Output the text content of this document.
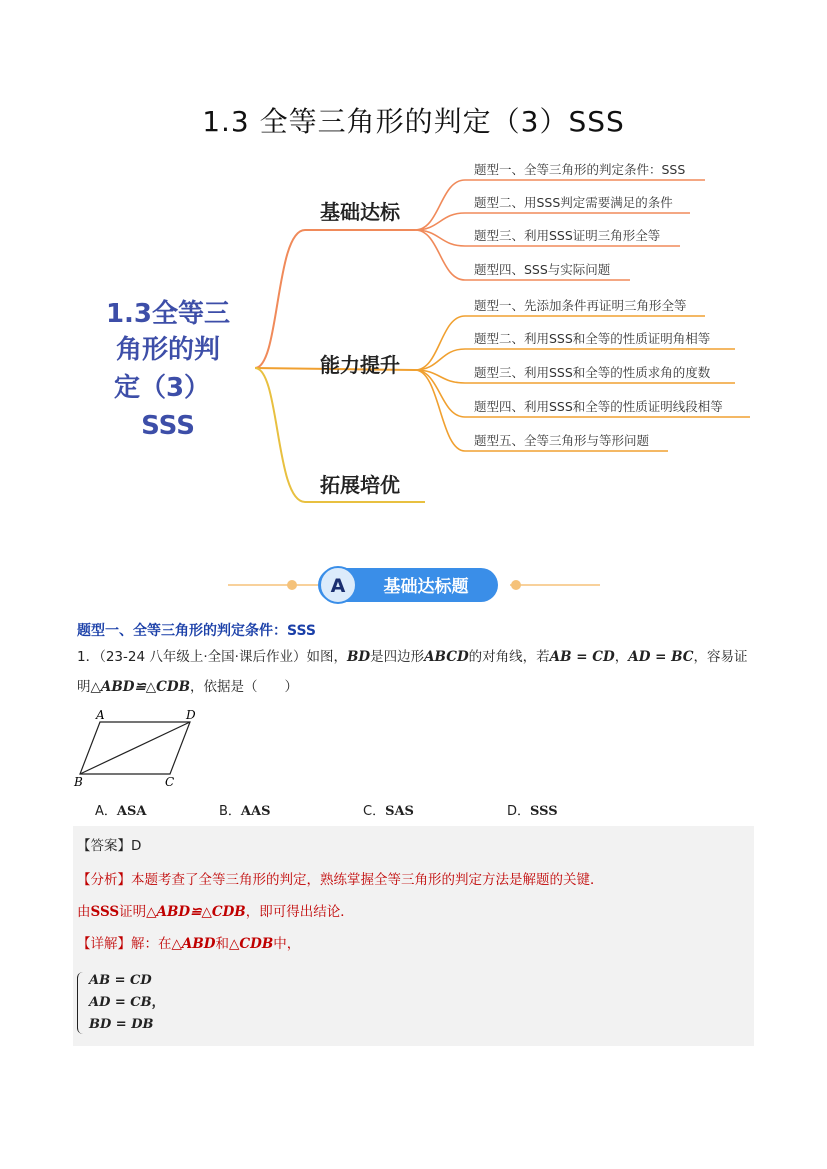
1.3 全等三角形的判定（3）SSS
1.3全等三
角形的判
定（3）
SSS
基础达标
能力提升
拓展培优
题型一、全等三角形的判定条件：SSS
题型二、用SSS判定需要满足的条件
题型三、利用SSS证明三角形全等
题型四、SSS与实际问题
题型一、先添加条件再证明三角形全等
题型二、利用SSS和全等的性质证明角相等
题型三、利用SSS和全等的性质求角的度数
题型四、利用SSS和全等的性质证明线段相等
题型五、全等三角形与等形问题
A 基础达标题
题型一、全等三角形的判定条件：SSS
1．（23-24 八年级上·全国·课后作业）如图，BD是四边形ABCD的对角线，若AB = CD，AD = BC，容易证
明△ABD≌△CDB，依据是（　　）
A	D
B	C
A．ASA	B．AAS	C．SAS	D．SSS
【答案】D
【分析】本题考查了全等三角形的判定，熟练掌握全等三角形的判定方法是解题的关键．
由SSS证明△ABD≌△CDB，即可得出结论．
【详解】解：在△ABD和△CDB中，
AB = CD
AD = CB，
BD = DB
